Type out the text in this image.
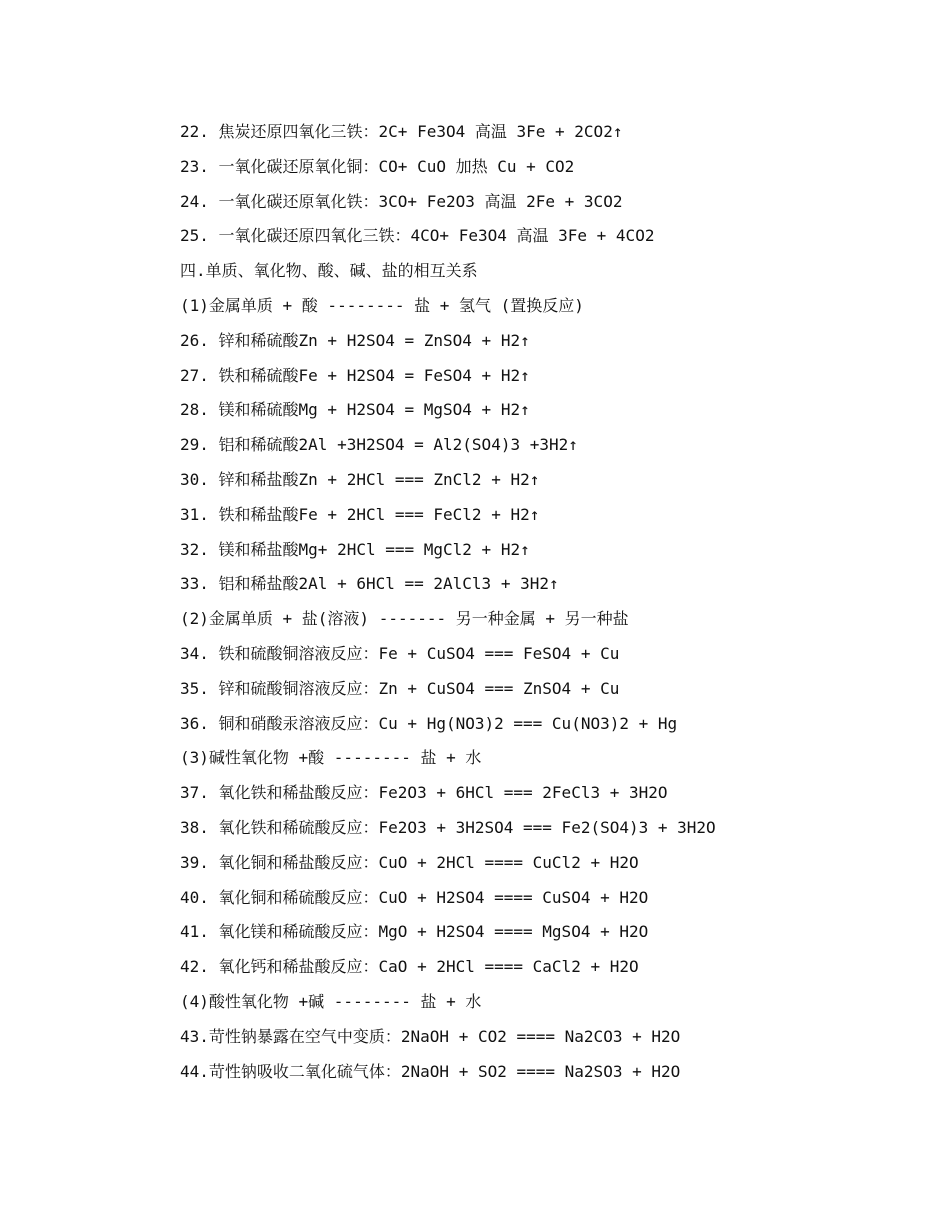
22. 焦炭还原四氧化三铁：2C+ Fe3O4 高温 3Fe + 2CO2↑
23. 一氧化碳还原氧化铜：CO+ CuO 加热 Cu + CO2
24. 一氧化碳还原氧化铁：3CO+ Fe2O3 高温 2Fe + 3CO2
25. 一氧化碳还原四氧化三铁：4CO+ Fe3O4 高温 3Fe + 4CO2
四.单质、氧化物、酸、碱、盐的相互关系
(1)金属单质 + 酸 -------- 盐 + 氢气 (置换反应)
26. 锌和稀硫酸Zn + H2SO4 = ZnSO4 + H2↑
27. 铁和稀硫酸Fe + H2SO4 = FeSO4 + H2↑
28. 镁和稀硫酸Mg + H2SO4 = MgSO4 + H2↑
29. 铝和稀硫酸2Al +3H2SO4 = Al2(SO4)3 +3H2↑
30. 锌和稀盐酸Zn + 2HCl === ZnCl2 + H2↑
31. 铁和稀盐酸Fe + 2HCl === FeCl2 + H2↑
32. 镁和稀盐酸Mg+ 2HCl === MgCl2 + H2↑
33. 铝和稀盐酸2Al + 6HCl == 2AlCl3 + 3H2↑
(2)金属单质 + 盐(溶液) ------- 另一种金属 + 另一种盐
34. 铁和硫酸铜溶液反应：Fe + CuSO4 === FeSO4 + Cu
35. 锌和硫酸铜溶液反应：Zn + CuSO4 === ZnSO4 + Cu
36. 铜和硝酸汞溶液反应：Cu + Hg(NO3)2 === Cu(NO3)2 + Hg
(3)碱性氧化物 +酸 -------- 盐 + 水
37. 氧化铁和稀盐酸反应：Fe2O3 + 6HCl === 2FeCl3 + 3H2O
38. 氧化铁和稀硫酸反应：Fe2O3 + 3H2SO4 === Fe2(SO4)3 + 3H2O
39. 氧化铜和稀盐酸反应：CuO + 2HCl ==== CuCl2 + H2O
40. 氧化铜和稀硫酸反应：CuO + H2SO4 ==== CuSO4 + H2O
41. 氧化镁和稀硫酸反应：MgO + H2SO4 ==== MgSO4 + H2O
42. 氧化钙和稀盐酸反应：CaO + 2HCl ==== CaCl2 + H2O
(4)酸性氧化物 +碱 -------- 盐 + 水
43.苛性钠暴露在空气中变质：2NaOH + CO2 ==== Na2CO3 + H2O
44.苛性钠吸收二氧化硫气体：2NaOH + SO2 ==== Na2SO3 + H2O
